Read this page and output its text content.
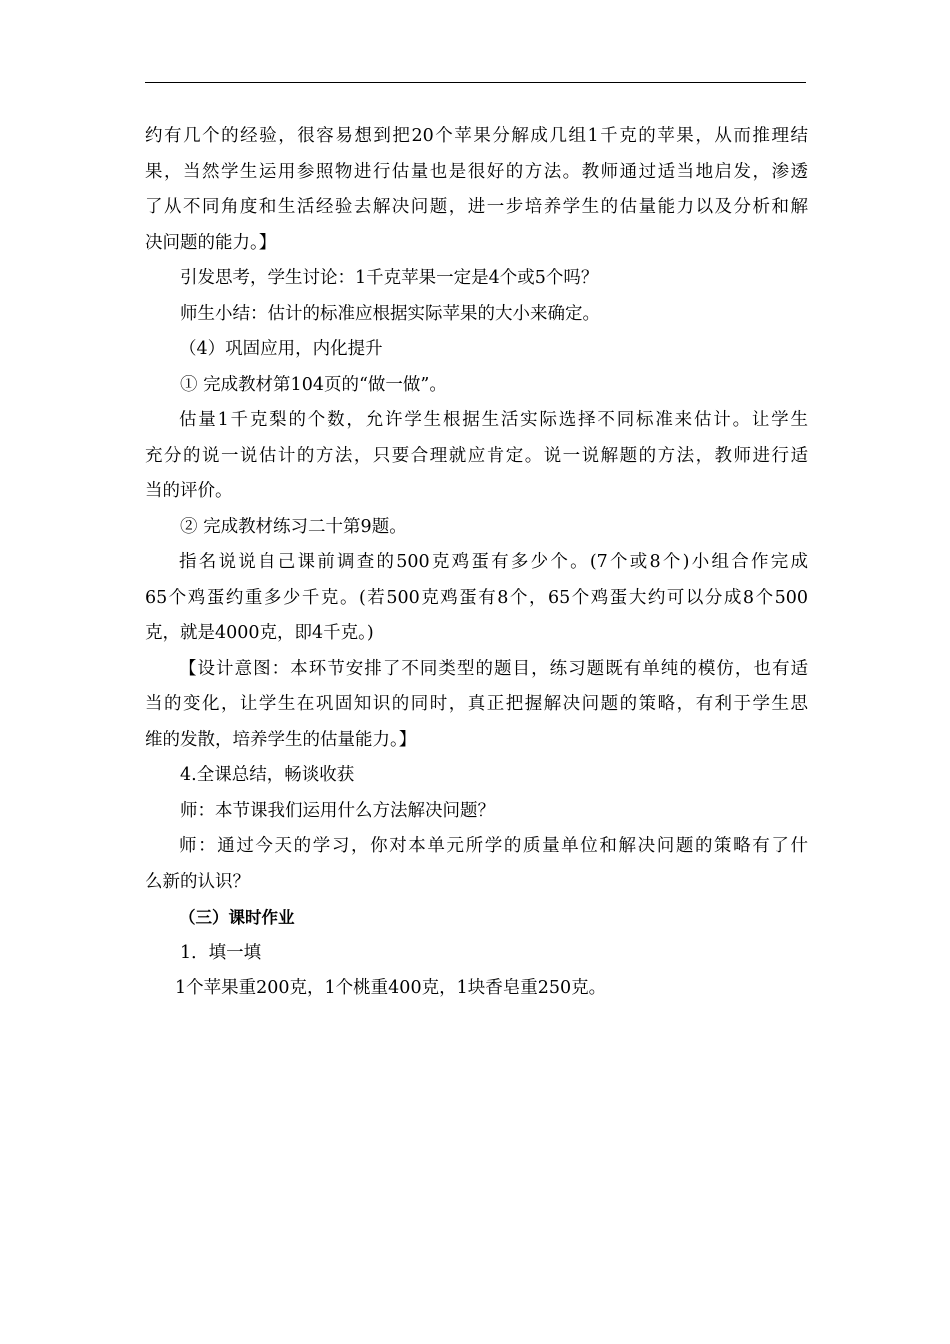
约有几个的经验，很容易想到把20个苹果分解成几组1千克的苹果，从而推理结
果，当然学生运用参照物进行估量也是很好的方法。教师通过适当地启发，渗透
了从不同角度和生活经验去解决问题，进一步培养学生的估量能力以及分析和解
决问题的能力。】
引发思考，学生讨论：1千克苹果一定是4个或5个吗？
师生小结：估计的标准应根据实际苹果的大小来确定。
（4）巩固应用，内化提升
① 完成教材第104页的“做一做”。
估量1千克梨的个数，允许学生根据生活实际选择不同标准来估计。让学生
充分的说一说估计的方法，只要合理就应肯定。说一说解题的方法，教师进行适
当的评价。
② 完成教材练习二十第9题。
指名说说自己课前调查的500克鸡蛋有多少个。(7个或8个)小组合作完成
65个鸡蛋约重多少千克。(若500克鸡蛋有8个，65个鸡蛋大约可以分成8个500
克，就是4000克，即4千克。)
【设计意图：本环节安排了不同类型的题目，练习题既有单纯的模仿，也有适
当的变化，让学生在巩固知识的同时，真正把握解决问题的策略，有利于学生思
维的发散，培养学生的估量能力。】
4.全课总结，畅谈收获
师：本节课我们运用什么方法解决问题？
师：通过今天的学习，你对本单元所学的质量单位和解决问题的策略有了什
么新的认识？
（三）课时作业
1．填一填
1个苹果重200克，1个桃重400克，1块香皂重250克。
